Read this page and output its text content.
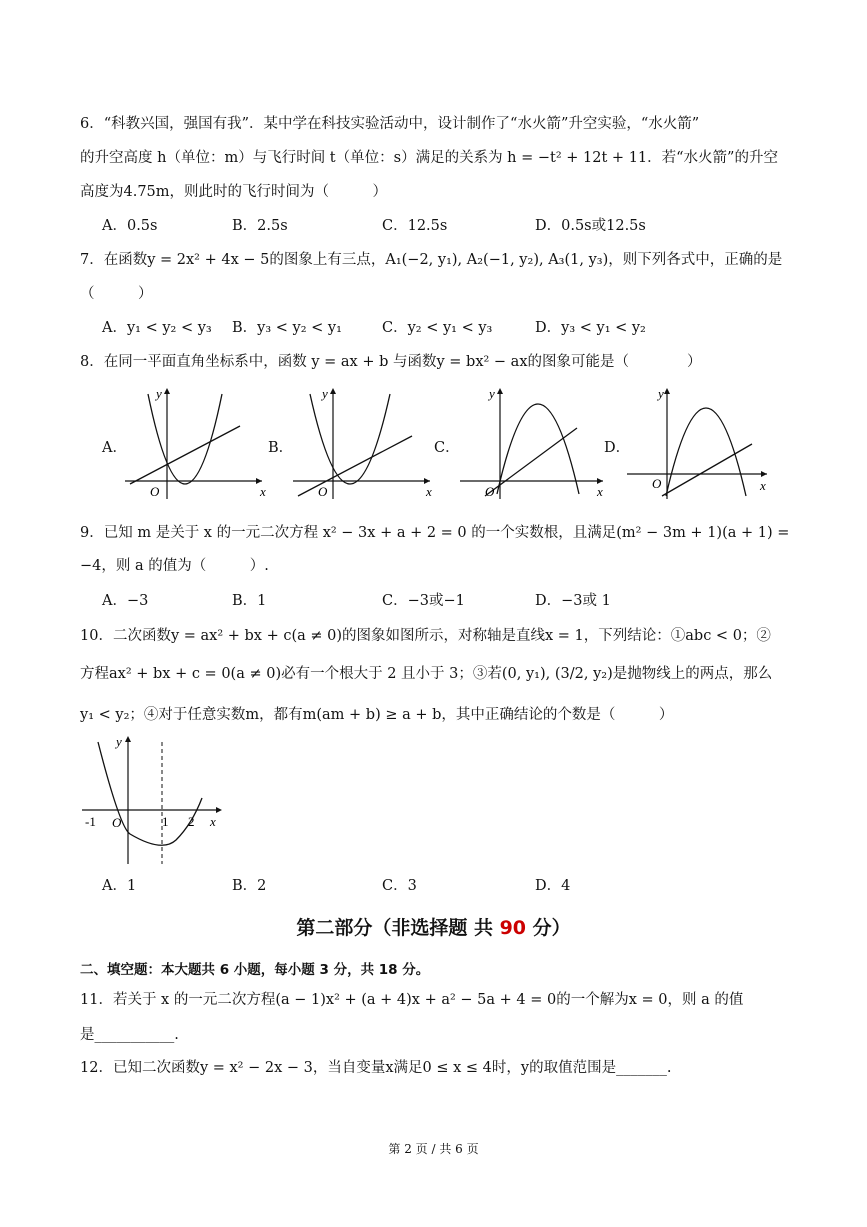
6．“科教兴国，强国有我”．某中学在科技实验活动中，设计制作了“水火箭”升空实验，“水火箭”
的升空高度 h（单位：m）与飞行时间 t（单位：s）满足的关系为 h = −t² + 12t + 11．若“水火箭”的升空
高度为4.75m，则此时的飞行时间为（　　　）
A．0.5s	B．2.5s	C．12.5s	D．0.5s或12.5s
7．在函数y = 2x² + 4x − 5的图象上有三点，A₁(−2, y₁), A₂(−1, y₂), A₃(1, y₃)，则下列各式中，正确的是
（　　　）
A．y₁ < y₂ < y₃ B．y₃ < y₂ < y₁	C．y₂ < y₁ < y₃	D．y₃ < y₁ < y₂
8．在同一平面直角坐标系中，函数 y = ax + b 与函数y = bx² − ax的图象可能是（　　　　）
A．
x
y
O
B．
x
y
O
C．
x
y
O
D．
x
y
O
9．已知 m 是关于 x 的一元二次方程 x² − 3x + a + 2 = 0 的一个实数根，且满足(m² − 3m + 1)(a + 1) =
−4，则 a 的值为（　　　）.
A．−3	B．1	C．−3或−1	D．−3或 1
10．二次函数y = ax² + bx + c(a ≠ 0)的图象如图所示，对称轴是直线x = 1，下列结论：①abc < 0；②
方程ax² + bx + c = 0(a ≠ 0)必有一个根大于 2 且小于 3；③若(0, y₁), (3/2, y₂)是抛物线上的两点，那么
y₁ < y₂；④对于任意实数m，都有m(am + b) ≥ a + b，其中正确结论的个数是（　　　）
x
y
-1 O	1 2
A．1	B．2	C．3	D．4
第二部分（非选择题 共 90 分）
二、填空题：本大题共 6 小题，每小题 3 分，共 18 分。
11．若关于 x 的一元二次方程(a − 1)x² + (a + 4)x + a² − 5a + 4 = 0的一个解为x = 0，则 a 的值
是___________.
12．已知二次函数y = x² − 2x − 3，当自变量x满足0 ≤ x ≤ 4时，y的取值范围是_______.
第 2 页 / 共 6 页
